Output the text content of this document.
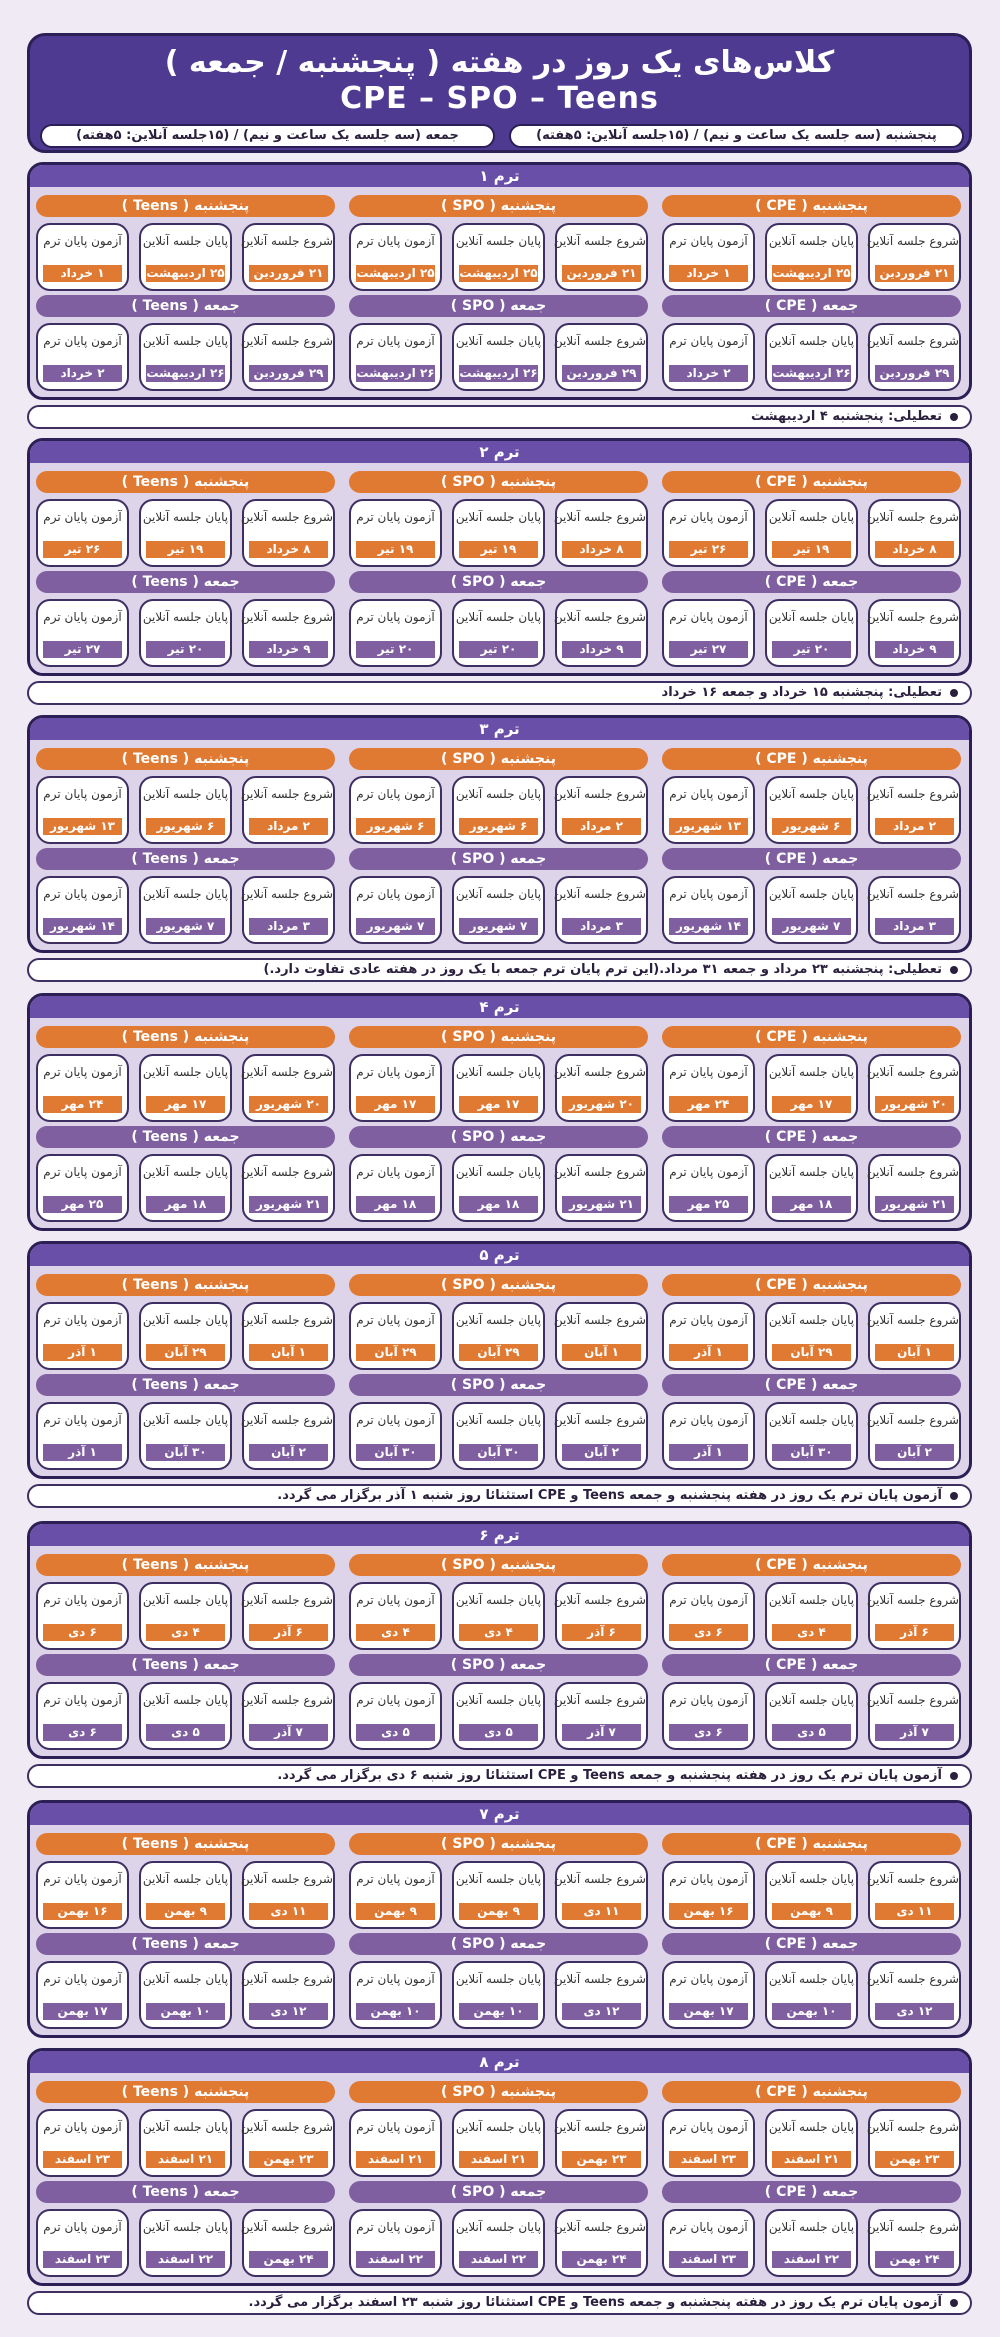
کلاس‌های یک روز در هفته ( پنجشنبه / جمعه )
CPE – SPO – Teens
پنجشنبه (سه جلسه یک ساعت و نیم) / (۱۵جلسه آنلاین: ۵هفته)
جمعه (سه جلسه یک ساعت و نیم) / (۱۵جلسه آنلاین: ۵هفته)
ترم ۱
پنجشنبه ( CPE )
شروع جلسه آنلاین
۲۱ فروردین
پایان جلسه آنلاین
۲۵ اردیبهشت
آزمون پایان ترم
۱ خرداد
پنجشنبه ( SPO )
شروع جلسه آنلاین
۲۱ فروردین
پایان جلسه آنلاین
۲۵ اردیبهشت
آزمون پایان ترم
۲۵ اردیبهشت
پنجشنبه ( Teens )
شروع جلسه آنلاین
۲۱ فروردین
پایان جلسه آنلاین
۲۵ اردیبهشت
آزمون پایان ترم
۱ خرداد
جمعه ( CPE )
شروع جلسه آنلاین
۲۹ فروردین
پایان جلسه آنلاین
۲۶ اردیبهشت
آزمون پایان ترم
۲ خرداد
جمعه ( SPO )
شروع جلسه آنلاین
۲۹ فروردین
پایان جلسه آنلاین
۲۶ اردیبهشت
آزمون پایان ترم
۲۶ اردیبهشت
جمعه ( Teens )
شروع جلسه آنلاین
۲۹ فروردین
پایان جلسه آنلاین
۲۶ اردیبهشت
آزمون پایان ترم
۲ خرداد
تعطیلی: پنجشنبه ۴ اردیبهشت
ترم ۲
پنجشنبه ( CPE )
شروع جلسه آنلاین
۸ خرداد
پایان جلسه آنلاین
۱۹ تیر
آزمون پایان ترم
۲۶ تیر
پنجشنبه ( SPO )
شروع جلسه آنلاین
۸ خرداد
پایان جلسه آنلاین
۱۹ تیر
آزمون پایان ترم
۱۹ تیر
پنجشنبه ( Teens )
شروع جلسه آنلاین
۸ خرداد
پایان جلسه آنلاین
۱۹ تیر
آزمون پایان ترم
۲۶ تیر
جمعه ( CPE )
شروع جلسه آنلاین
۹ خرداد
پایان جلسه آنلاین
۲۰ تیر
آزمون پایان ترم
۲۷ تیر
جمعه ( SPO )
شروع جلسه آنلاین
۹ خرداد
پایان جلسه آنلاین
۲۰ تیر
آزمون پایان ترم
۲۰ تیر
جمعه ( Teens )
شروع جلسه آنلاین
۹ خرداد
پایان جلسه آنلاین
۲۰ تیر
آزمون پایان ترم
۲۷ تیر
تعطیلی: پنجشنبه ۱۵ خرداد و جمعه ۱۶ خرداد
ترم ۳
پنجشنبه ( CPE )
شروع جلسه آنلاین
۲ مرداد
پایان جلسه آنلاین
۶ شهریور
آزمون پایان ترم
۱۳ شهریور
پنجشنبه ( SPO )
شروع جلسه آنلاین
۲ مرداد
پایان جلسه آنلاین
۶ شهریور
آزمون پایان ترم
۶ شهریور
پنجشنبه ( Teens )
شروع جلسه آنلاین
۲ مرداد
پایان جلسه آنلاین
۶ شهریور
آزمون پایان ترم
۱۳ شهریور
جمعه ( CPE )
شروع جلسه آنلاین
۳ مرداد
پایان جلسه آنلاین
۷ شهریور
آزمون پایان ترم
۱۴ شهریور
جمعه ( SPO )
شروع جلسه آنلاین
۳ مرداد
پایان جلسه آنلاین
۷ شهریور
آزمون پایان ترم
۷ شهریور
جمعه ( Teens )
شروع جلسه آنلاین
۳ مرداد
پایان جلسه آنلاین
۷ شهریور
آزمون پایان ترم
۱۴ شهریور
تعطیلی: پنجشنبه ۲۳ مرداد و جمعه ۳۱ مرداد.(این ترم پایان ترم جمعه با یک روز در هفته عادی تفاوت دارد.)
ترم ۴
پنجشنبه ( CPE )
شروع جلسه آنلاین
۲۰ شهریور
پایان جلسه آنلاین
۱۷ مهر
آزمون پایان ترم
۲۴ مهر
پنجشنبه ( SPO )
شروع جلسه آنلاین
۲۰ شهریور
پایان جلسه آنلاین
۱۷ مهر
آزمون پایان ترم
۱۷ مهر
پنجشنبه ( Teens )
شروع جلسه آنلاین
۲۰ شهریور
پایان جلسه آنلاین
۱۷ مهر
آزمون پایان ترم
۲۴ مهر
جمعه ( CPE )
شروع جلسه آنلاین
۲۱ شهریور
پایان جلسه آنلاین
۱۸ مهر
آزمون پایان ترم
۲۵ مهر
جمعه ( SPO )
شروع جلسه آنلاین
۲۱ شهریور
پایان جلسه آنلاین
۱۸ مهر
آزمون پایان ترم
۱۸ مهر
جمعه ( Teens )
شروع جلسه آنلاین
۲۱ شهریور
پایان جلسه آنلاین
۱۸ مهر
آزمون پایان ترم
۲۵ مهر
ترم ۵
پنجشنبه ( CPE )
شروع جلسه آنلاین
۱ آبان
پایان جلسه آنلاین
۲۹ آبان
آزمون پایان ترم
۱ آذر
پنجشنبه ( SPO )
شروع جلسه آنلاین
۱ آبان
پایان جلسه آنلاین
۲۹ آبان
آزمون پایان ترم
۲۹ آبان
پنجشنبه ( Teens )
شروع جلسه آنلاین
۱ آبان
پایان جلسه آنلاین
۲۹ آبان
آزمون پایان ترم
۱ آذر
جمعه ( CPE )
شروع جلسه آنلاین
۲ آبان
پایان جلسه آنلاین
۳۰ آبان
آزمون پایان ترم
۱ آذر
جمعه ( SPO )
شروع جلسه آنلاین
۲ آبان
پایان جلسه آنلاین
۳۰ آبان
آزمون پایان ترم
۳۰ آبان
جمعه ( Teens )
شروع جلسه آنلاین
۲ آبان
پایان جلسه آنلاین
۳۰ آبان
آزمون پایان ترم
۱ آذر
آزمون پایان ترم یک روز در هفته پنجشنبه و جمعه Teens و CPE استثنائا روز شنبه ۱ آذر برگزار می گردد.
ترم ۶
پنجشنبه ( CPE )
شروع جلسه آنلاین
۶ آذر
پایان جلسه آنلاین
۴ دی
آزمون پایان ترم
۶ دی
پنجشنبه ( SPO )
شروع جلسه آنلاین
۶ آذر
پایان جلسه آنلاین
۴ دی
آزمون پایان ترم
۴ دی
پنجشنبه ( Teens )
شروع جلسه آنلاین
۶ آذر
پایان جلسه آنلاین
۴ دی
آزمون پایان ترم
۶ دی
جمعه ( CPE )
شروع جلسه آنلاین
۷ آذر
پایان جلسه آنلاین
۵ دی
آزمون پایان ترم
۶ دی
جمعه ( SPO )
شروع جلسه آنلاین
۷ آذر
پایان جلسه آنلاین
۵ دی
آزمون پایان ترم
۵ دی
جمعه ( Teens )
شروع جلسه آنلاین
۷ آذر
پایان جلسه آنلاین
۵ دی
آزمون پایان ترم
۶ دی
آزمون پایان ترم یک روز در هفته پنجشنبه و جمعه Teens و CPE استثنائا روز شنبه ۶ دی برگزار می گردد.
ترم ۷
پنجشنبه ( CPE )
شروع جلسه آنلاین
۱۱ دی
پایان جلسه آنلاین
۹ بهمن
آزمون پایان ترم
۱۶ بهمن
پنجشنبه ( SPO )
شروع جلسه آنلاین
۱۱ دی
پایان جلسه آنلاین
۹ بهمن
آزمون پایان ترم
۹ بهمن
پنجشنبه ( Teens )
شروع جلسه آنلاین
۱۱ دی
پایان جلسه آنلاین
۹ بهمن
آزمون پایان ترم
۱۶ بهمن
جمعه ( CPE )
شروع جلسه آنلاین
۱۲ دی
پایان جلسه آنلاین
۱۰ بهمن
آزمون پایان ترم
۱۷ بهمن
جمعه ( SPO )
شروع جلسه آنلاین
۱۲ دی
پایان جلسه آنلاین
۱۰ بهمن
آزمون پایان ترم
۱۰ بهمن
جمعه ( Teens )
شروع جلسه آنلاین
۱۲ دی
پایان جلسه آنلاین
۱۰ بهمن
آزمون پایان ترم
۱۷ بهمن
ترم ۸
پنجشنبه ( CPE )
شروع جلسه آنلاین
۲۳ بهمن
پایان جلسه آنلاین
۲۱ اسفند
آزمون پایان ترم
۲۳ اسفند
پنجشنبه ( SPO )
شروع جلسه آنلاین
۲۳ بهمن
پایان جلسه آنلاین
۲۱ اسفند
آزمون پایان ترم
۲۱ اسفند
پنجشنبه ( Teens )
شروع جلسه آنلاین
۲۳ بهمن
پایان جلسه آنلاین
۲۱ اسفند
آزمون پایان ترم
۲۳ اسفند
جمعه ( CPE )
شروع جلسه آنلاین
۲۴ بهمن
پایان جلسه آنلاین
۲۲ اسفند
آزمون پایان ترم
۲۳ اسفند
جمعه ( SPO )
شروع جلسه آنلاین
۲۴ بهمن
پایان جلسه آنلاین
۲۲ اسفند
آزمون پایان ترم
۲۲ اسفند
جمعه ( Teens )
شروع جلسه آنلاین
۲۴ بهمن
پایان جلسه آنلاین
۲۲ اسفند
آزمون پایان ترم
۲۳ اسفند
آزمون پایان ترم یک روز در هفته پنجشنبه و جمعه Teens و CPE استثنائا روز شنبه ۲۳ اسفند برگزار می گردد.
